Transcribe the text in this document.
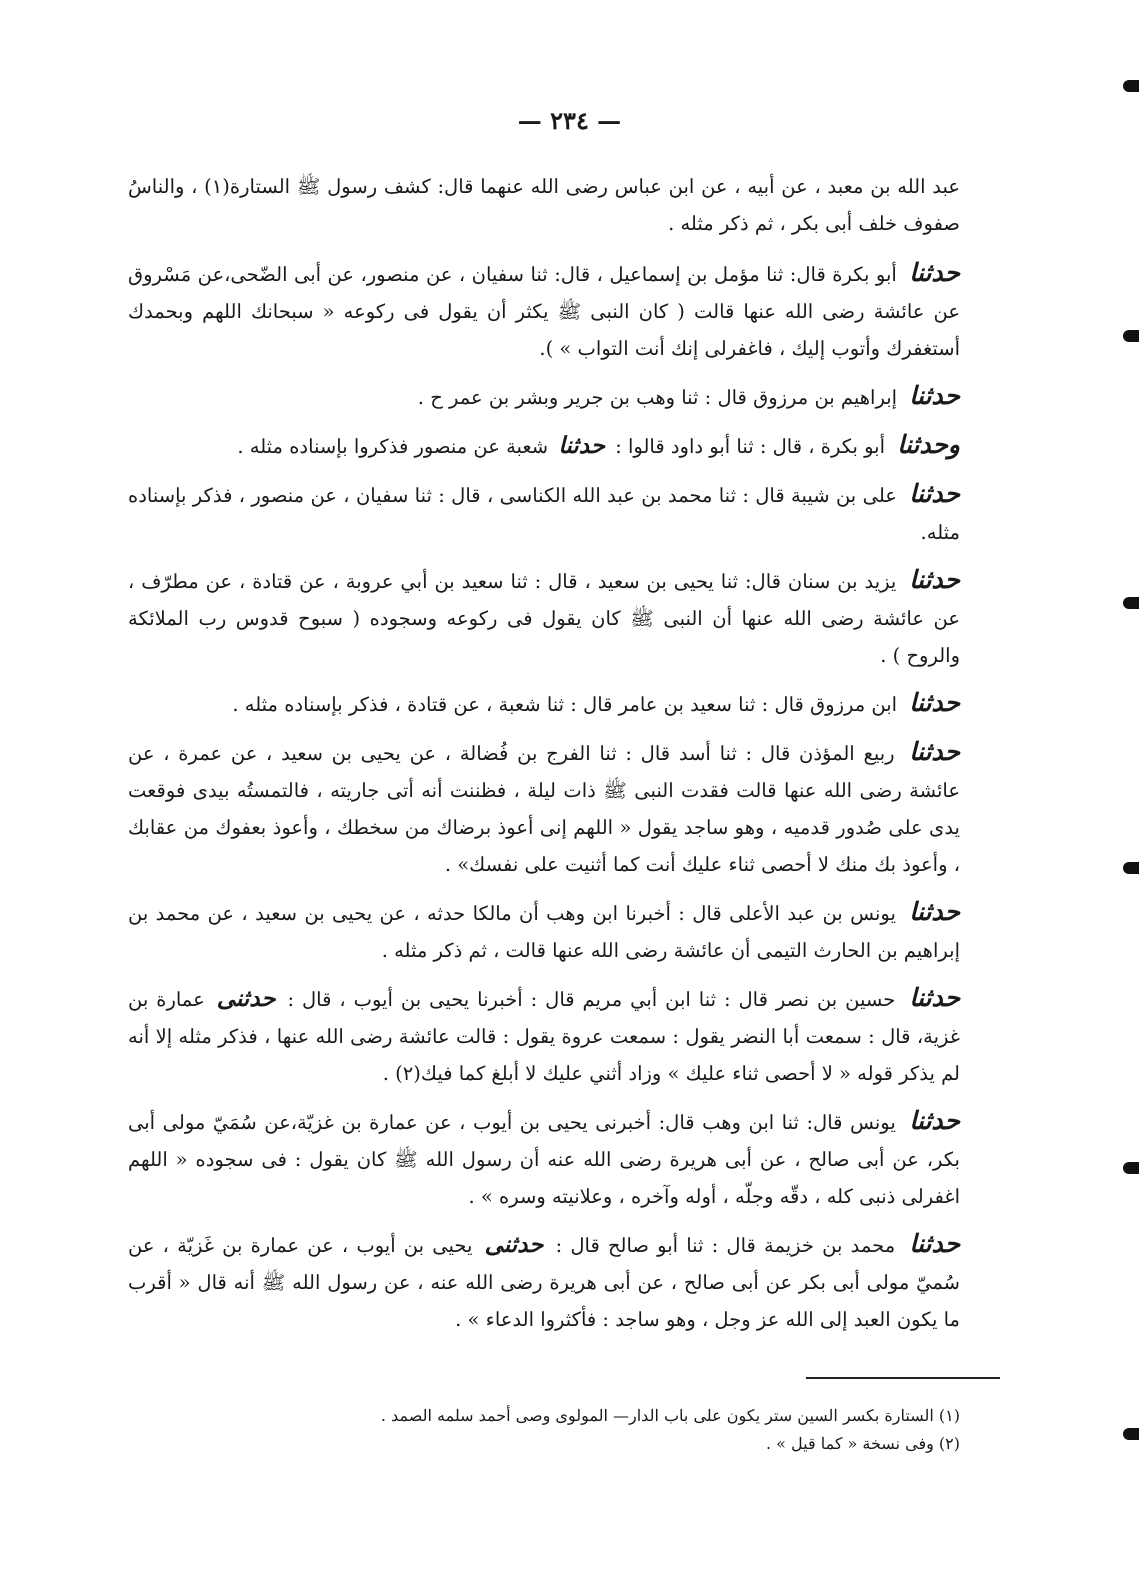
— ٢٣٤ —

عبد الله بن معبد ، عن أبيه ، عن ابن عباس رضى الله عنهما قال: كشف رسول ﷺ الستارة(١) ، والناسُ صفوف خلف أبى بكر ، ثم ذكر مثله .

حدثنا أبو بكرة قال: ثنا مؤمل بن إسماعيل ، قال: ثنا سفيان ، عن منصور، عن أبى الضّحى،عن مَسْروق عن عائشة رضى الله عنها قالت ( كان النبى ﷺ يكثر أن يقول فى ركوعه « سبحانك اللهم وبحمدك أستغفرك وأتوب إليك ، فاغفرلى إنك أنت التواب » ).

حدثنا إبراهيم بن مرزوق قال : ثنا وهب بن جرير وبشر بن عمر ح .

وحدثنا أبو بكرة ، قال : ثنا أبو داود قالوا : حدثنا شعبة عن منصور فذكروا بإسناده مثله .

حدثنا على بن شيبة قال : ثنا محمد بن عبد الله الكناسى ، قال : ثنا سفيان ، عن منصور ، فذكر بإسناده مثله.

حدثنا يزيد بن سنان قال: ثنا يحيى بن سعيد ، قال : ثنا سعيد بن أبي عروبة ، عن قتادة ، عن مطرّف ، عن عائشة رضى الله عنها أن النبى ﷺ كان يقول فى ركوعه وسجوده ( سبوح قدوس رب الملائكة والروح ) .

حدثنا ابن مرزوق قال : ثنا سعيد بن عامر قال : ثنا شعبة ، عن قتادة ، فذكر بإسناده مثله .

حدثنا ربيع المؤذن قال : ثنا أسد قال : ثنا الفرج بن فُضالة ، عن يحيى بن سعيد ، عن عمرة ، عن عائشة رضى الله عنها قالت فقدت النبى ﷺ ذات ليلة ، فظننت أنه أتى جاريته ، فالتمستُه بيدى فوقعت يدى على صُدور قدميه ، وهو ساجد يقول « اللهم إنى أعوذ برضاك من سخطك ، وأعوذ بعفوك من عقابك ، وأعوذ بك منك لا أحصى ثناء عليك أنت كما أثنيت على نفسك» .

حدثنا يونس بن عبد الأعلى قال : أخبرنا ابن وهب أن مالكا حدثه ، عن يحيى بن سعيد ، عن محمد بن إبراهيم بن الحارث التيمى أن عائشة رضى الله عنها قالت ، ثم ذكر مثله .

حدثنا حسين بن نصر قال : ثنا ابن أبي مريم قال : أخبرنا يحيى بن أيوب ، قال : حدثنى عمارة بن غزية، قال : سمعت أبا النضر يقول : سمعت عروة يقول : قالت عائشة رضى الله عنها ، فذكر مثله إلا أنه لم يذكر قوله « لا أحصى ثناء عليك » وزاد أثني عليك لا أبلغ كما فيك(٢) .

حدثنا يونس قال: ثنا ابن وهب قال: أخبرنى يحيى بن أيوب ، عن عمارة بن غزيّة،عن سُمَيّ مولى أبى بكر، عن أبى صالح ، عن أبى هريرة رضى الله عنه أن رسول الله ﷺ كان يقول : فى سجوده « اللهم اغفرلى ذنبى كله ، دقّه وجلّه ، أوله وآخره ، وعلانيته وسره » .

حدثنا محمد بن خزيمة قال : ثنا أبو صالح قال : حدثنى يحيى بن أيوب ، عن عمارة بن غَزيّة ، عن سُميّ مولى أبى بكر عن أبى صالح ، عن أبى هريرة رضى الله عنه ، عن رسول الله ﷺ أنه قال « أقرب ما يكون العبد إلى الله عز وجل ، وهو ساجد : فأكثروا الدعاء » .

(١) الستارة بكسر السين ستر يكون على باب الدار— المولوى وصى أحمد سلمه الصمد .

(٢) وفى نسخة « كما قيل » .
